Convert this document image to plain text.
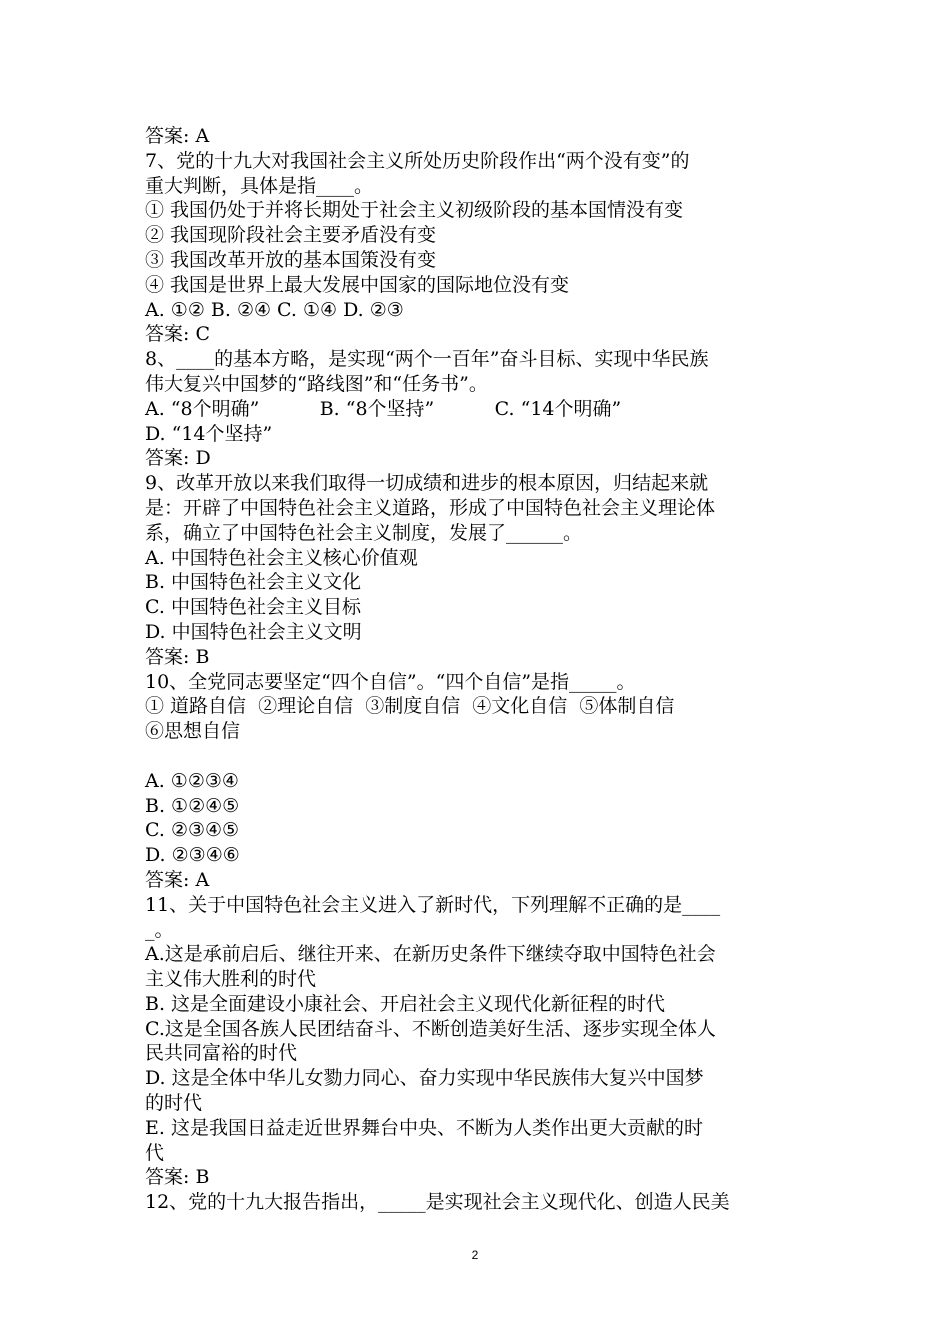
答案: A
7、党的十九大对我国社会主义所处历史阶段作出“两个没有变”的
重大判断，具体是指____。
① 我国仍处于并将长期处于社会主义初级阶段的基本国情没有变
② 我国现阶段社会主要矛盾没有变
③ 我国改革开放的基本国策没有变
④ 我国是世界上最大发展中国家的国际地位没有变
A. ①② B. ②④ C. ①④ D. ②③
答案: C
8、____的基本方略，是实现“两个一百年”奋斗目标、实现中华民族
伟大复兴中国梦的“路线图”和“任务书”。
A. “8个明确”          B. “8个坚持”          C. “14个明确”
D. “14个坚持”
答案: D
9、改革开放以来我们取得一切成绩和进步的根本原因，归结起来就
是：开辟了中国特色社会主义道路，形成了中国特色社会主义理论体
系，确立了中国特色社会主义制度，发展了______。
A. 中国特色社会主义核心价值观
B. 中国特色社会主义文化
C. 中国特色社会主义目标
D. 中国特色社会主义文明
答案: B
10、全党同志要坚定“四个自信”。“四个自信”是指_____。
① 道路自信  ②理论自信  ③制度自信  ④文化自信  ⑤体制自信
⑥思想自信
A. ①②③④
B. ①②④⑤
C. ②③④⑤
D. ②③④⑥
答案: A
11、关于中国特色社会主义进入了新时代，下列理解不正确的是____
_。
A.这是承前启后、继往开来、在新历史条件下继续夺取中国特色社会
主义伟大胜利的时代
B. 这是全面建设小康社会、开启社会主义现代化新征程的时代
C.这是全国各族人民团结奋斗、不断创造美好生活、逐步实现全体人
民共同富裕的时代
D. 这是全体中华儿女勠力同心、奋力实现中华民族伟大复兴中国梦
的时代
E. 这是我国日益走近世界舞台中央、不断为人类作出更大贡献的时
代
答案: B
12、党的十九大报告指出，_____是实现社会主义现代化、创造人民美
2
